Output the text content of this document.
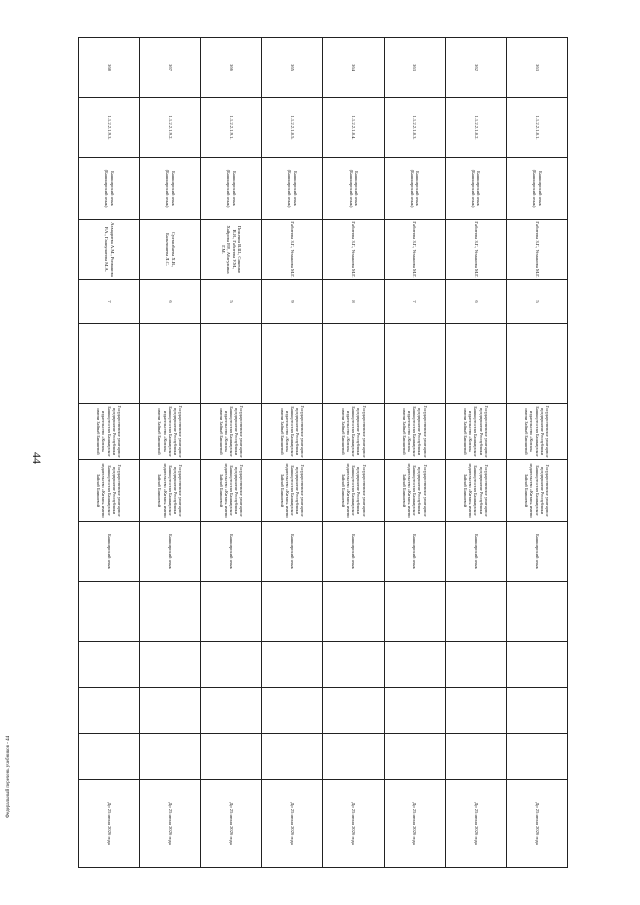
44
363	1.1.2.2.1.8.1.	Башкирский язык (Башкирский язык)	Габитова З.Г., Усманова М.Г.	5		Государственное унитарное предприятие Республики Башкортостан Башкирское издательство «Китап» имени Зайнаб Биишевой	Государственное унитарное предприятие Республики Башкортостан Башкирское издательство «Китап» имени Зайнаб Биишевой	Башкирский язык					До 25 июня 2026 года
362	1.1.2.2.1.8.2.	Башкирский язык (Башкирский язык)	Габитова З.Г., Усманова М.Г.	6		Государственное унитарное предприятие Республики Башкортостан Башкирское издательство «Китап» имени Зайнаб Биишевой	Государственное унитарное предприятие Республики Башкортостан Башкирское издательство «Китап» имени Зайнаб Биишевой	Башкирский язык					До 25 июня 2026 года
363	1.1.2.2.1.8.3.	Башкирский язык (Башкирский язык)	Габитова З.Г., Усманова М.Г.	7		Государственное унитарное предприятие Республики Башкортостан Башкирское издательство «Китап» имени Зайнаб Биишевой	Государственное унитарное предприятие Республики Башкортостан Башкирское издательство «Китап» имени Зайнаб Биишевой	Башкирский язык					До 25 июня 2026 года
364	1.1.2.2.1.8.4.	Башкирский язык (Башкирский язык)	Габитова З.Г., Усманова М.Г.	8		Государственное унитарное предприятие Республики Башкортостан Башкирское издательство «Китап» имени Зайнаб Биишевой	Государственное унитарное предприятие Республики Башкортостан Башкирское издательство «Китап» имени Зайнаб Биишевой	Башкирский язык					До 25 июня 2026 года
365	1.1.2.2.1.8.5.	Башкирский язык (Башкирский язык)	Габитова З.Г., Усманова М.Г.	9		Государственное унитарное предприятие Республики Башкортостан Башкирское издательство «Китап» имени Зайнаб Биишевой	Государственное унитарное предприятие Республики Башкортостан Башкирское издательство «Китап» имени Зайнаб Биишевой	Башкирский язык					До 25 июня 2026 года
366	1.1.2.2.1.9.1.	Башкирский язык (Башкирский язык)	Псянчин В.Ш., Синенко В.Я., Габитова У.М., Хайрова Р.Р., Аблгужина Г.М.	5		Государственное унитарное предприятие Республики Башкортостан Башкирское издательство «Китап» имени Зайнаб Биишевой	Государственное унитарное предприятие Республики Башкортостан Башкирское издательство «Китап» имени Зайнаб Биишевой	Башкирский язык					До 25 июня 2026 года
367	1.1.2.2.1.9.2.	Башкирский язык (Башкирский язык)	Султанбаева Х.В., Бальтишева Л.С.	6		Государственное унитарное предприятие Республики Башкортостан Башкирское издательство «Китап» имени Зайнаб Биишевой	Государственное унитарное предприятие Республики Башкортостан Башкирское издательство «Китап» имени Зайнаб Биишевой	Башкирский язык					До 25 июня 2026 года
368	1.1.2.2.1.9.3.	Башкирский язык (Башкирский язык)	Ахмадиева А.М., Ризванова Р.А., Ганиулатова М.А.	7		Государственное унитарное предприятие Республики Башкортостан Башкирское издательство «Китап» имени Зайнаб Биишевой	Государственное унитарное предприятие Республики Башкортостан Башкирское издательство «Китап» имени Зайнаб Биишевой	Башкирский язык					До 25 июня 2026 года
Федеральный перечень учебников - 44
